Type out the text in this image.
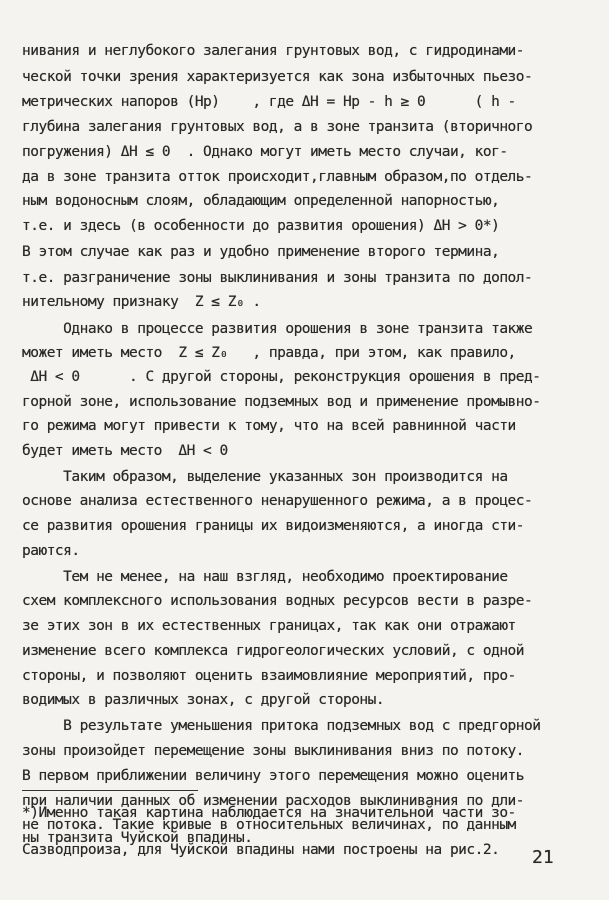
нивания и неглубокого залегания грунтовых вод, с гидродинами-
ческой точки зрения характеризуется как зона избыточных пьезо-
метрических напоров (Hр)    , где ΔH = Hр - h ≥ 0      ( h -
глубина залегания грунтовых вод, а в зоне транзита (вторичного
погружения) ΔH ≤ 0  . Однако могут иметь место случаи, ког-
да в зоне транзита отток происходит,главным образом,по отдель-
ным водоносным слоям, обладающим определенной напорностью,
т.е. и здесь (в особенности до развития орошения) ΔH > 0*)
В этом случае как раз и удобно применение второго термина,
т.е. разграничение зоны выклинивания и зоны транзита по допол-
нительному признаку  Z ≤ Z₀ .
Однако в процессе развития орошения в зоне транзита также
может иметь место  Z ≤ Z₀   , правда, при этом, как правило,
ΔH < 0      . С другой стороны, реконструкция орошения в пред-
горной зоне, использование подземных вод и применение промывно-
го режима могут привести к тому, что на всей равнинной части
будет иметь место  ΔH < 0
Таким образом, выделение указанных зон производится на
основе анализа естественного ненарушенного режима, а в процес-
се развития орошения границы их видоизменяются, а иногда сти-
раются.
Тем не менее, на наш взгляд, необходимо проектирование
схем комплексного использования водных ресурсов вести в разре-
зе этих зон в их естественных границах, так как они отражают
изменение всего комплекса гидрогеологических условий, с одной
стороны, и позволяют оценить взаимовлияние мероприятий, про-
водимых в различных зонах, с другой стороны.
В результате уменьшения притока подземных вод с предгорной
зоны произойдет перемещение зоны выклинивания вниз по потоку.
В первом приближении величину этого перемещения можно оценить
при наличии данных об изменении расходов выклинивания по дли-
не потока. Такие кривые в относительных величинах, по данным
Сазводпроиза, для Чуйской впадины нами построены на рис.2.
*)Именно такая картина наблюдается на значительной части зо-
ны транзита Чуйской впадины.
21
